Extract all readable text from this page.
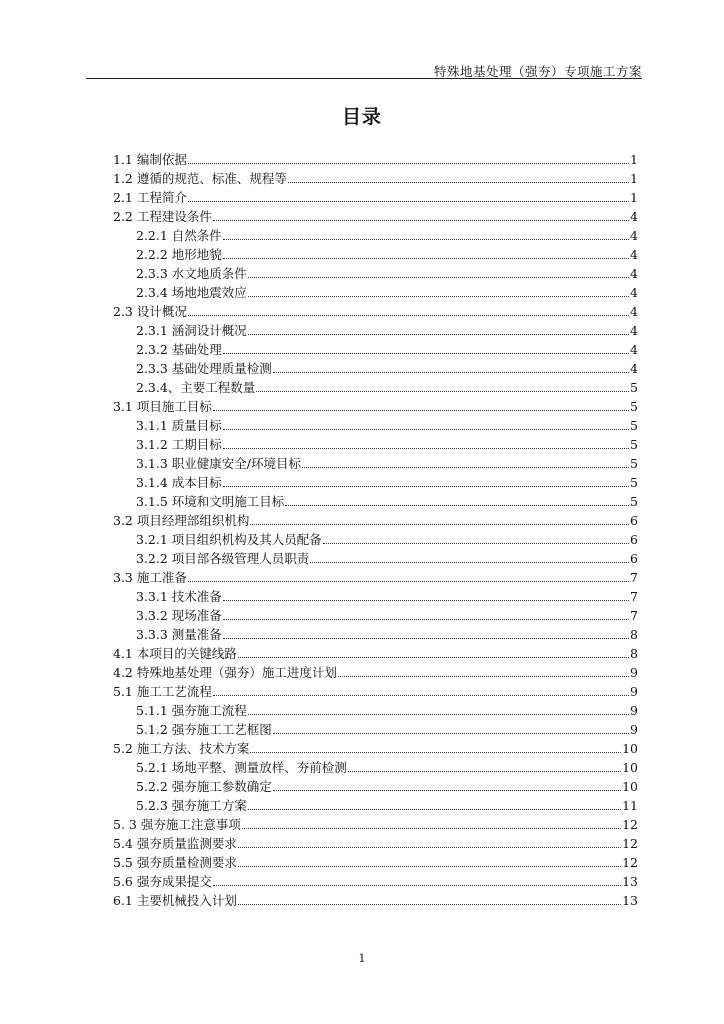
特殊地基处理（强夯）专项施工方案
目录
1.1 编制依据	1
1.2 遵循的规范、标准、规程等	1
2.1 工程简介	1
2.2 工程建设条件	4
2.2.1 自然条件	4
2.2.2 地形地貌	4
2.3.3 水文地质条件	4
2.3.4 场地地震效应	4
2.3 设计概况	4
2.3.1 涵洞设计概况	4
2.3.2 基础处理	4
2.3.3 基础处理质量检测	4
2.3.4、主要工程数量	5
3.1 项目施工目标	5
3.1.1 质量目标	5
3.1.2 工期目标	5
3.1.3 职业健康安全/环境目标	5
3.1.4 成本目标	5
3.1.5 环境和文明施工目标	5
3.2 项目经理部组织机构	6
3.2.1 项目组织机构及其人员配备	6
3.2.2 项目部各级管理人员职责	6
3.3 施工准备	7
3.3.1 技术准备	7
3.3.2 现场准备	7
3.3.3 测量准备	8
4.1 本项目的关键线路	8
4.2 特殊地基处理（强夯）施工进度计划	9
5.1 施工工艺流程	9
5.1.1 强夯施工流程	9
5.1.2 强夯施工工艺框图	9
5.2 施工方法、技术方案	10
5.2.1 场地平整、测量放样、夯前检测	10
5.2.2 强夯施工参数确定	10
5.2.3 强夯施工方案	11
5. 3 强夯施工注意事项	12
5.4 强夯质量监测要求	12
5.5 强夯质量检测要求	12
5.6 强夯成果提交	13
6.1 主要机械投入计划	13
1
